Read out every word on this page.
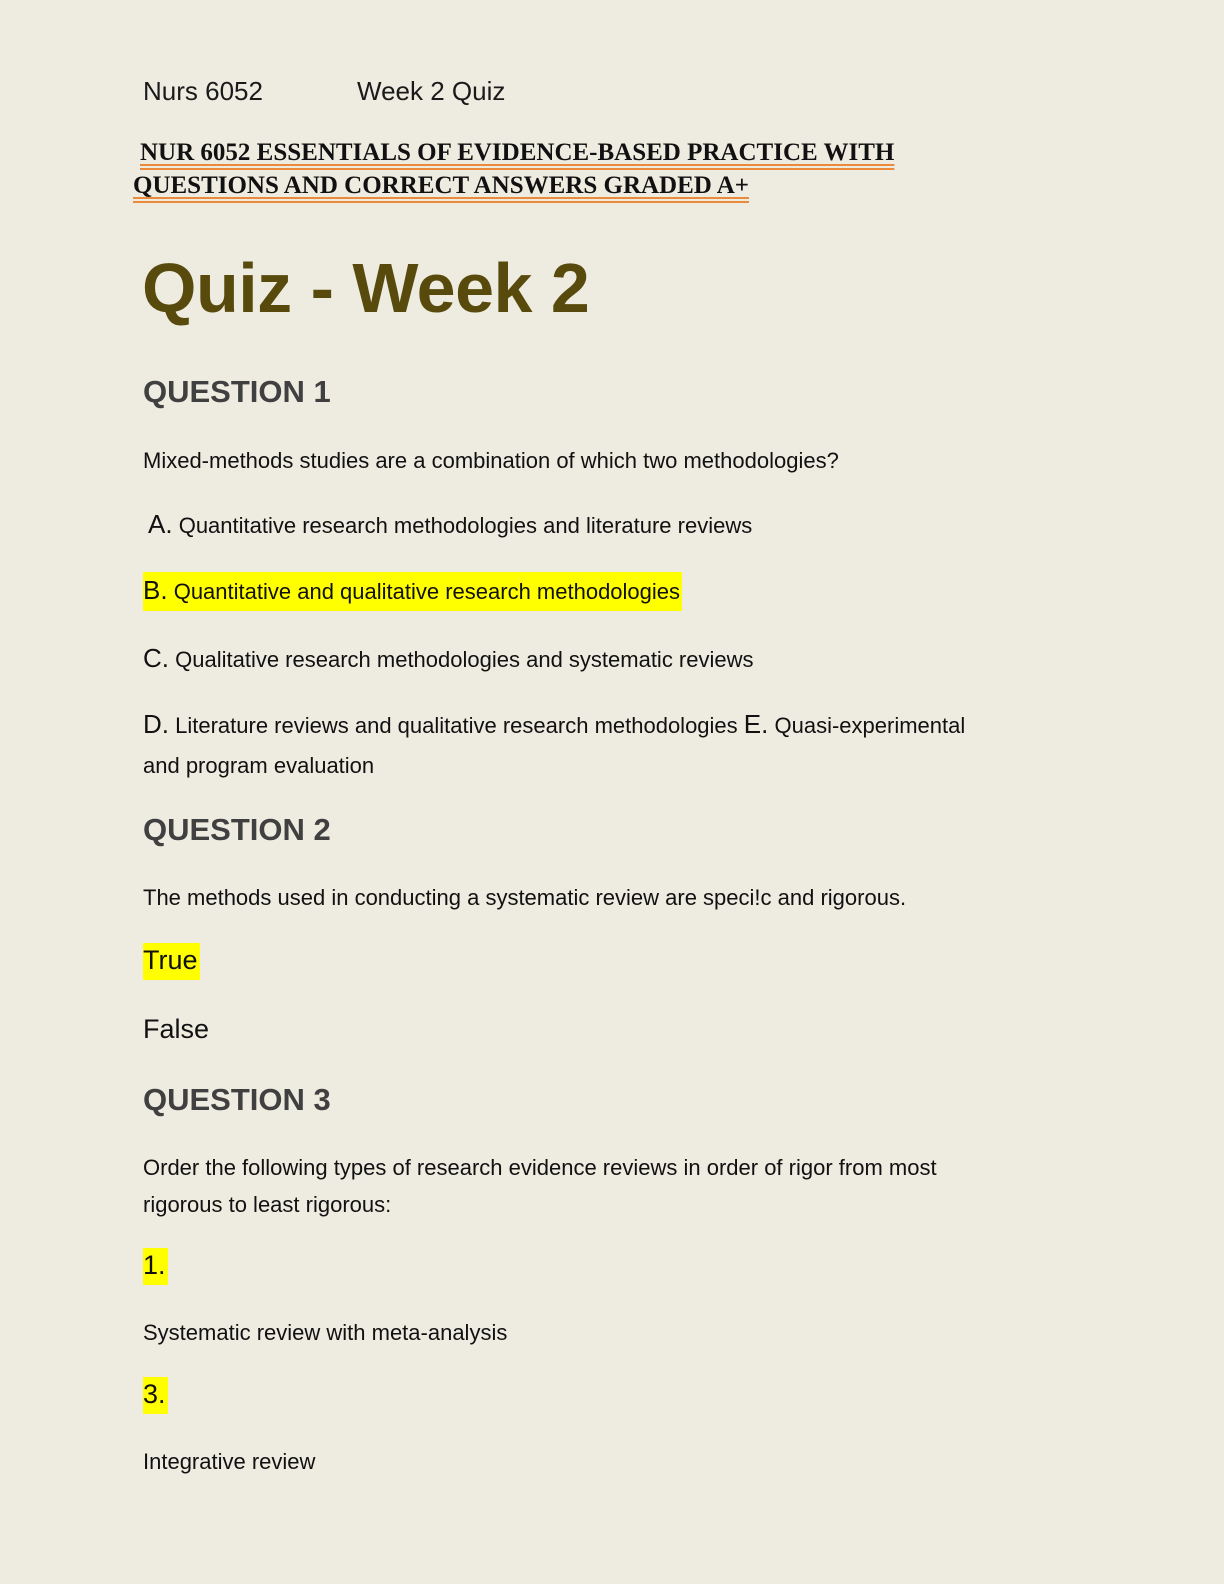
Nurs 6052	Week 2 Quiz
NUR 6052 ESSENTIALS OF EVIDENCE-BASED PRACTICE WITH
QUESTIONS AND CORRECT ANSWERS GRADED A+
Quiz - Week 2
QUESTION 1
Mixed-methods studies are a combination of which two methodologies?
A. Quantitative research methodologies and literature reviews
B. Quantitative and qualitative research methodologies
C. Qualitative research methodologies and systematic reviews
D. Literature reviews and qualitative research methodologies E. Quasi-experimental
and program evaluation
QUESTION 2
The methods used in conducting a systematic review are speci!c and rigorous.
True
False
QUESTION 3
Order the following types of research evidence reviews in order of rigor from most
rigorous to least rigorous:
1.
Systematic review with meta-analysis
3.
Integrative review
